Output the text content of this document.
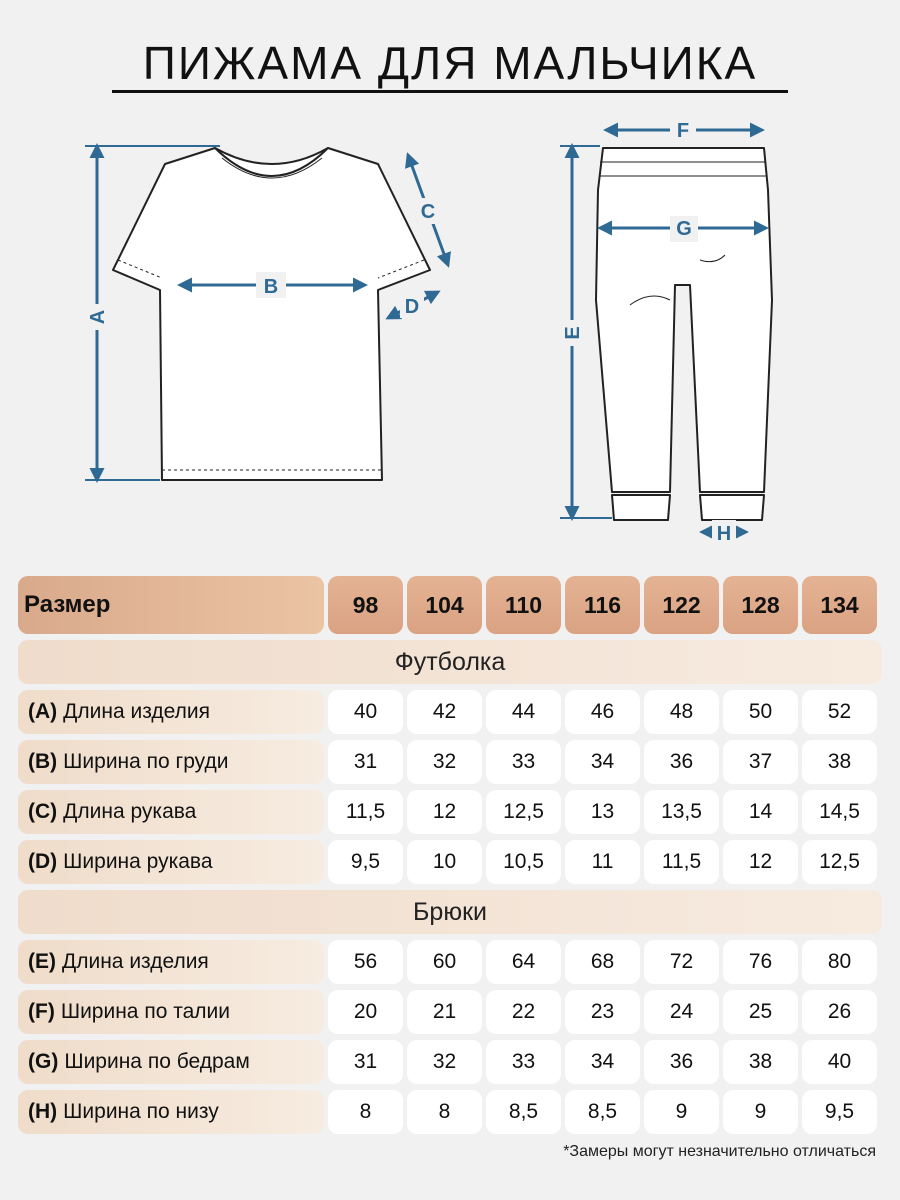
ПИЖАМА ДЛЯ МАЛЬЧИКА
A
B
C
D
F
G
E
H
Размер	98	104	110	116	122	128	134
Футболка
(A) Длина изделия	40	42	44	46	48	50	52
(B) Ширина по груди	31	32	33	34	36	37	38
(C) Длина рукава	11,5	12	12,5	13	13,5	14	14,5
(D) Ширина рукава	9,5	10	10,5	11	11,5	12	12,5
Брюки
(E) Длина изделия	56	60	64	68	72	76	80
(F) Ширина по талии	20	21	22	23	24	25	26
(G) Ширина по бедрам	31	32	33	34	36	38	40
(H) Ширина по низу	8	8	8,5	8,5	9	9	9,5
*Замеры могут незначительно отличаться
